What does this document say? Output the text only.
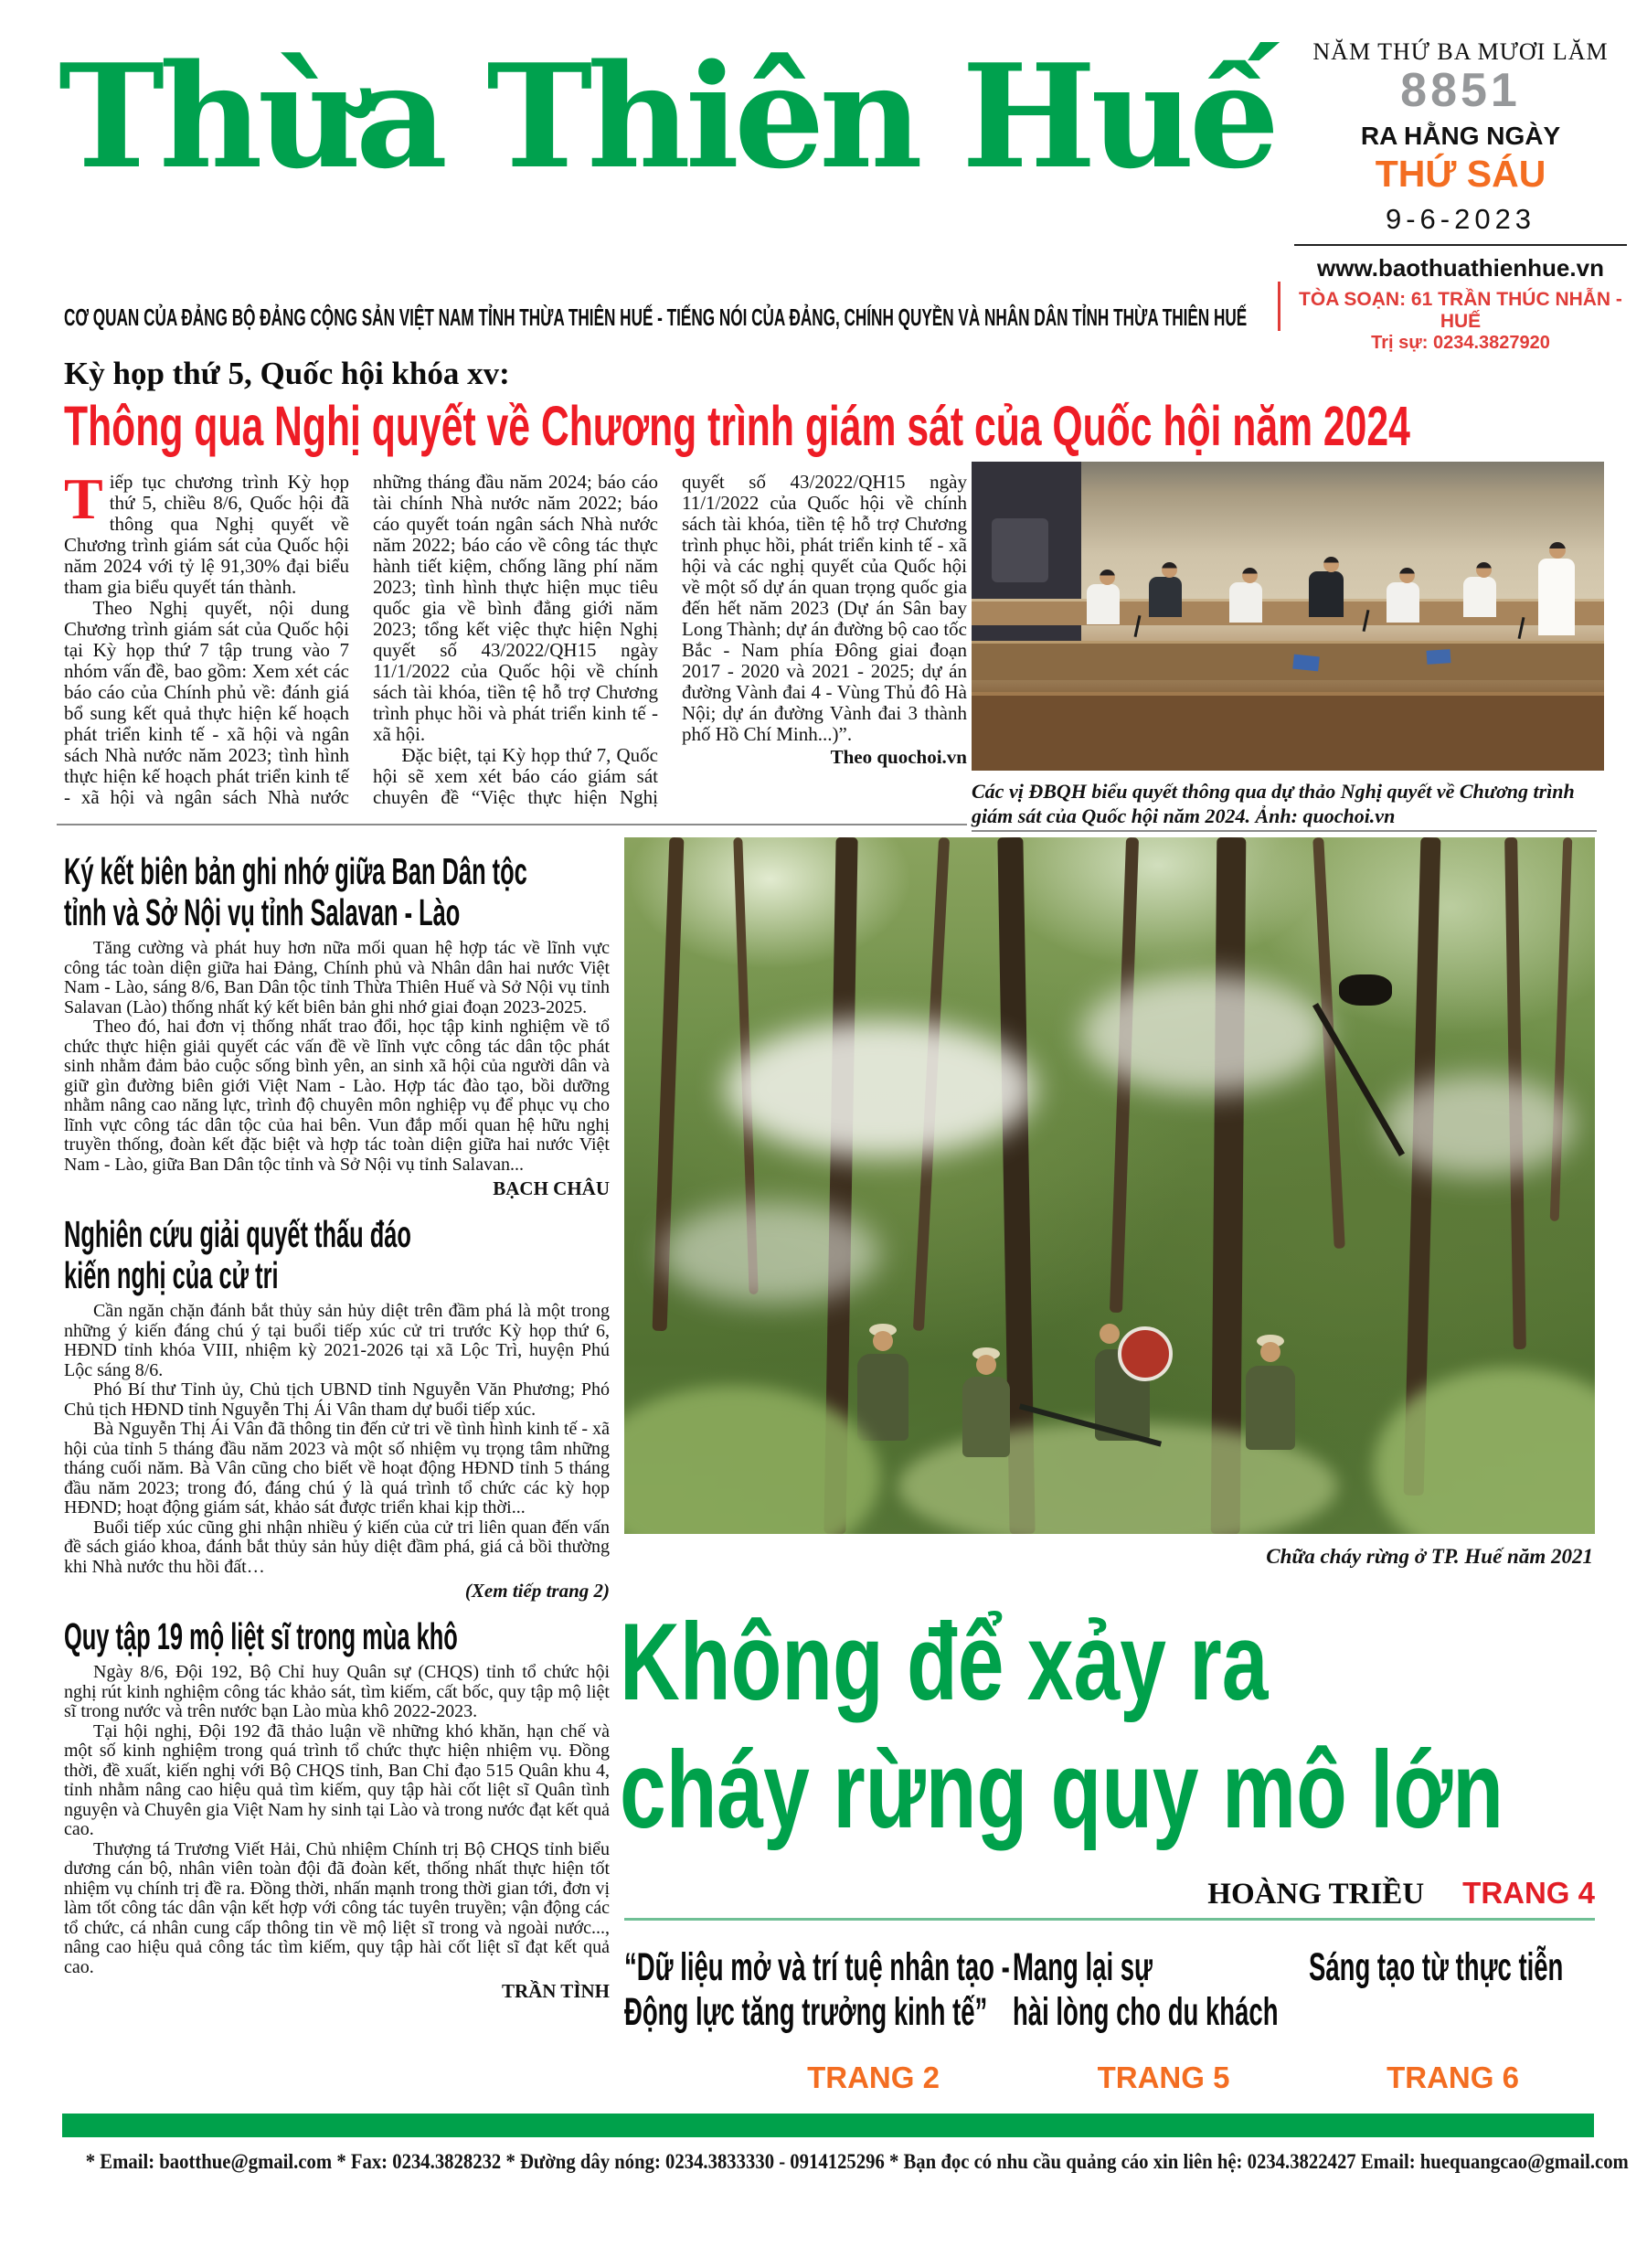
Thừa Thiên Huế	NĂM THỨ BA MƯƠI LĂM
8851
RA HẰNG NGÀY
THỨ SÁU
9-6-2023
www.baothuathienhue.vn
TÒA SOẠN: 61 TRẦN THÚC NHẪN - HUẾ
Trị sự: 0234.3827920
CƠ QUAN CỦA ĐẢNG BỘ ĐẢNG CỘNG SẢN VIỆT NAM TỈNH THỪA THIÊN HUẾ - TIẾNG NÓI CỦA ĐẢNG, CHÍNH QUYỀN VÀ NHÂN DÂN TỈNH THỪA THIÊN HUẾ
Kỳ họp thứ 5, Quốc hội khóa xv:
Thông qua Nghị quyết về Chương trình giám sát của Quốc hội năm 2024

Tiếp tục chương trình Kỳ họp thứ 5, chiều 8/6, Quốc hội đã thông qua Nghị quyết về Chương trình giám sát của Quốc hội năm 2024 với tỷ lệ 91,30% đại biểu tham gia biểu quyết tán thành.

Theo Nghị quyết, nội dung Chương trình giám sát của Quốc hội tại Kỳ họp thứ 7 tập trung vào 7 nhóm vấn đề, bao gồm: Xem xét các báo cáo của Chính phủ về: đánh giá bổ sung kết quả thực hiện kế hoạch phát triển kinh tế - xã hội và ngân sách Nhà nước năm 2023; tình hình thực hiện kế hoạch phát triển kinh tế - xã hội và ngân sách Nhà nước những tháng đầu năm 2024; báo cáo tài chính Nhà nước năm 2022; báo cáo quyết toán ngân sách Nhà nước năm 2022; báo cáo về công tác thực hành tiết kiệm, chống lãng phí năm 2023; tình hình thực hiện mục tiêu quốc gia về bình đẳng giới năm 2023; tổng kết việc thực hiện Nghị quyết số 43/2022/QH15 ngày 11/1/2022 của Quốc hội về chính sách tài khóa, tiền tệ hỗ trợ Chương trình phục hồi và phát triển kinh tế - xã hội.

Đặc biệt, tại Kỳ họp thứ 7, Quốc hội sẽ xem xét báo cáo giám sát chuyên đề “Việc thực hiện Nghị quyết số 43/2022/QH15 ngày 11/1/2022 của Quốc hội về chính sách tài khóa, tiền tệ hỗ trợ Chương trình phục hồi, phát triển kinh tế - xã hội và các nghị quyết của Quốc hội về một số dự án quan trọng quốc gia đến hết năm 2023 (Dự án Sân bay Long Thành; dự án đường bộ cao tốc Bắc - Nam phía Đông giai đoạn 2017 - 2020 và 2021 - 2025; dự án đường Vành đai 4 - Vùng Thủ đô Hà Nội; dự án đường Vành đai 3 thành phố Hồ Chí Minh...)”.

Theo quochoi.vn

Các vị ĐBQH biểu quyết thông qua dự thảo Nghị quyết về Chương trình giám sát của Quốc hội năm 2024. Ảnh: quochoi.vn
Ký kết biên bản ghi nhớ giữa Ban Dân tộc
tỉnh và Sở Nội vụ tỉnh Salavan - Lào

Tăng cường và phát huy hơn nữa mối quan hệ hợp tác về lĩnh vực công tác toàn diện giữa hai Đảng, Chính phủ và Nhân dân hai nước Việt Nam - Lào, sáng 8/6, Ban Dân tộc tỉnh Thừa Thiên Huế và Sở Nội vụ tỉnh Salavan (Lào) thống nhất ký kết biên bản ghi nhớ giai đoạn 2023-2025.

Theo đó, hai đơn vị thống nhất trao đổi, học tập kinh nghiệm về tổ chức thực hiện giải quyết các vấn đề về lĩnh vực công tác dân tộc phát sinh nhằm đảm bảo cuộc sống bình yên, an sinh xã hội của người dân và giữ gìn đường biên giới Việt Nam - Lào. Hợp tác đào tạo, bồi dưỡng nhằm nâng cao năng lực, trình độ chuyên môn nghiệp vụ để phục vụ cho lĩnh vực công tác dân tộc của hai bên. Vun đắp mối quan hệ hữu nghị truyền thống, đoàn kết đặc biệt và hợp tác toàn diện giữa hai nước Việt Nam - Lào, giữa Ban Dân tộc tỉnh và Sở Nội vụ tỉnh Salavan...

BẠCH CHÂU
Nghiên cứu giải quyết thấu đáo
kiến nghị của cử tri

Cần ngăn chặn đánh bắt thủy sản hủy diệt trên đầm phá là một trong những ý kiến đáng chú ý tại buổi tiếp xúc cử tri trước Kỳ họp thứ 6, HĐND tỉnh khóa VIII, nhiệm kỳ 2021-2026 tại xã Lộc Trì, huyện Phú Lộc sáng 8/6.

Phó Bí thư Tỉnh ủy, Chủ tịch UBND tỉnh Nguyễn Văn Phương; Phó Chủ tịch HĐND tỉnh Nguyễn Thị Ái Vân tham dự buổi tiếp xúc.

Bà Nguyễn Thị Ái Vân đã thông tin đến cử tri về tình hình kinh tế - xã hội của tỉnh 5 tháng đầu năm 2023 và một số nhiệm vụ trọng tâm những tháng cuối năm. Bà Vân cũng cho biết về hoạt động HĐND tỉnh 5 tháng đầu năm 2023; trong đó, đáng chú ý là quá trình tổ chức các kỳ họp HĐND; hoạt động giám sát, khảo sát được triển khai kịp thời...

Buổi tiếp xúc cũng ghi nhận nhiều ý kiến của cử tri liên quan đến vấn đề sách giáo khoa, đánh bắt thủy sản hủy diệt đầm phá, giá cả bồi thường khi Nhà nước thu hồi đất…

(Xem tiếp trang 2)
Quy tập 19 mộ liệt sĩ trong mùa khô

Ngày 8/6, Đội 192, Bộ Chỉ huy Quân sự (CHQS) tỉnh tổ chức hội nghị rút kinh nghiệm công tác khảo sát, tìm kiếm, cất bốc, quy tập mộ liệt sĩ trong nước và trên nước bạn Lào mùa khô 2022-2023.

Tại hội nghị, Đội 192 đã thảo luận về những khó khăn, hạn chế và một số kinh nghiệm trong quá trình tổ chức thực hiện nhiệm vụ. Đồng thời, đề xuất, kiến nghị với Bộ CHQS tỉnh, Ban Chỉ đạo 515 Quân khu 4, tỉnh nhằm nâng cao hiệu quả tìm kiếm, quy tập hài cốt liệt sĩ Quân tình nguyện và Chuyên gia Việt Nam hy sinh tại Lào và trong nước đạt kết quả cao.

Thượng tá Trương Viết Hải, Chủ nhiệm Chính trị Bộ CHQS tỉnh biểu dương cán bộ, nhân viên toàn đội đã đoàn kết, thống nhất thực hiện tốt nhiệm vụ chính trị đề ra. Đồng thời, nhấn mạnh trong thời gian tới, đơn vị làm tốt công tác dân vận kết hợp với công tác tuyên truyền; vận động các tổ chức, cá nhân cung cấp thông tin về mộ liệt sĩ trong và ngoài nước..., nâng cao hiệu quả công tác tìm kiếm, quy tập hài cốt liệt sĩ đạt kết quả cao.

TRẦN TÌNH
Chữa cháy rừng ở TP. Huế năm 2021
Không để xảy ra
cháy rừng quy mô lớn
HOÀNG TRIỀU TRANG 4
“Dữ liệu mở và trí tuệ nhân tạo -
Động lực tăng trưởng kinh tế”
Mang lại sự
hài lòng cho du khách
Sáng tạo từ thực tiễn
TRANG 2	TRANG 5	TRANG 6
* Email: baotthue@gmail.com * Fax: 0234.3828232 * Đường dây nóng: 0234.3833330 - 0914125296 * Bạn đọc có nhu cầu quảng cáo xin liên hệ: 0234.3822427 Email: huequangcao@gmail.com
